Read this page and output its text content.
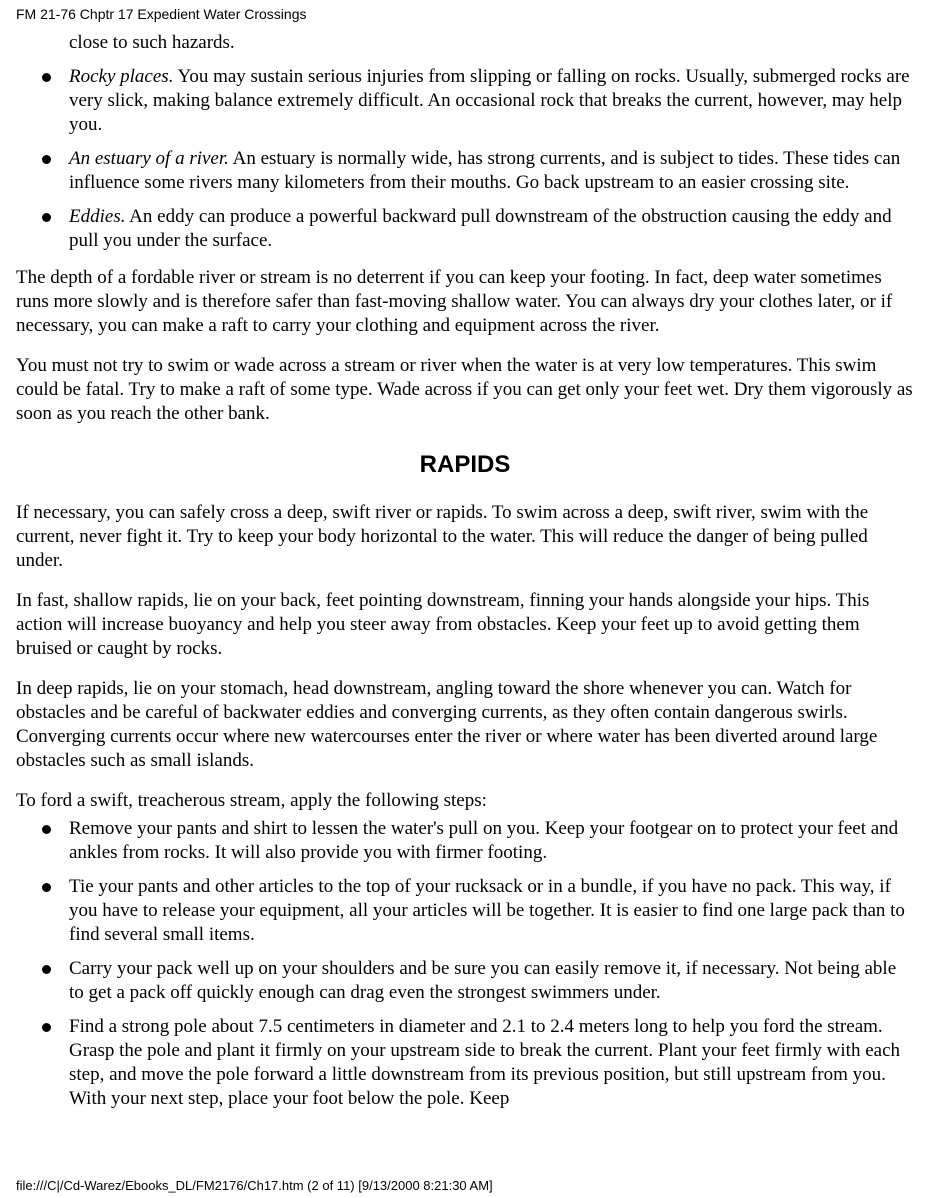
FM 21-76 Chptr 17 Expedient Water Crossings
close to such hazards.
Rocky places. You may sustain serious injuries from slipping or falling on rocks. Usually, submerged rocks are very slick, making balance extremely difficult. An occasional rock that breaks the current, however, may help you.
An estuary of a river. An estuary is normally wide, has strong currents, and is subject to tides. These tides can influence some rivers many kilometers from their mouths. Go back upstream to an easier crossing site.
Eddies. An eddy can produce a powerful backward pull downstream of the obstruction causing the eddy and pull you under the surface.

The depth of a fordable river or stream is no deterrent if you can keep your footing. In fact, deep water sometimes runs more slowly and is therefore safer than fast-moving shallow water. You can always dry your clothes later, or if necessary, you can make a raft to carry your clothing and equipment across the river.

You must not try to swim or wade across a stream or river when the water is at very low temperatures. This swim could be fatal. Try to make a raft of some type. Wade across if you can get only your feet wet. Dry them vigorously as soon as you reach the other bank.

RAPIDS

If necessary, you can safely cross a deep, swift river or rapids. To swim across a deep, swift river, swim with the current, never fight it. Try to keep your body horizontal to the water. This will reduce the danger of being pulled under.

In fast, shallow rapids, lie on your back, feet pointing downstream, finning your hands alongside your hips. This action will increase buoyancy and help you steer away from obstacles. Keep your feet up to avoid getting them bruised or caught by rocks.

In deep rapids, lie on your stomach, head downstream, angling toward the shore whenever you can. Watch for obstacles and be careful of backwater eddies and converging currents, as they often contain dangerous swirls. Converging currents occur where new watercourses enter the river or where water has been diverted around large obstacles such as small islands.

To ford a swift, treacherous stream, apply the following steps:

Remove your pants and shirt to lessen the water's pull on you. Keep your footgear on to protect your feet and ankles from rocks. It will also provide you with firmer footing.
Tie your pants and other articles to the top of your rucksack or in a bundle, if you have no pack. This way, if you have to release your equipment, all your articles will be together. It is easier to find one large pack than to find several small items.
Carry your pack well up on your shoulders and be sure you can easily remove it, if necessary. Not being able to get a pack off quickly enough can drag even the strongest swimmers under.
Find a strong pole about 7.5 centimeters in diameter and 2.1 to 2.4 meters long to help you ford the stream. Grasp the pole and plant it firmly on your upstream side to break the current. Plant your feet firmly with each step, and move the pole forward a little downstream from its previous position, but still upstream from you. With your next step, place your foot below the pole. Keep
file:///C|/Cd-Warez/Ebooks_DL/FM2176/Ch17.htm (2 of 11) [9/13/2000 8:21:30 AM]
